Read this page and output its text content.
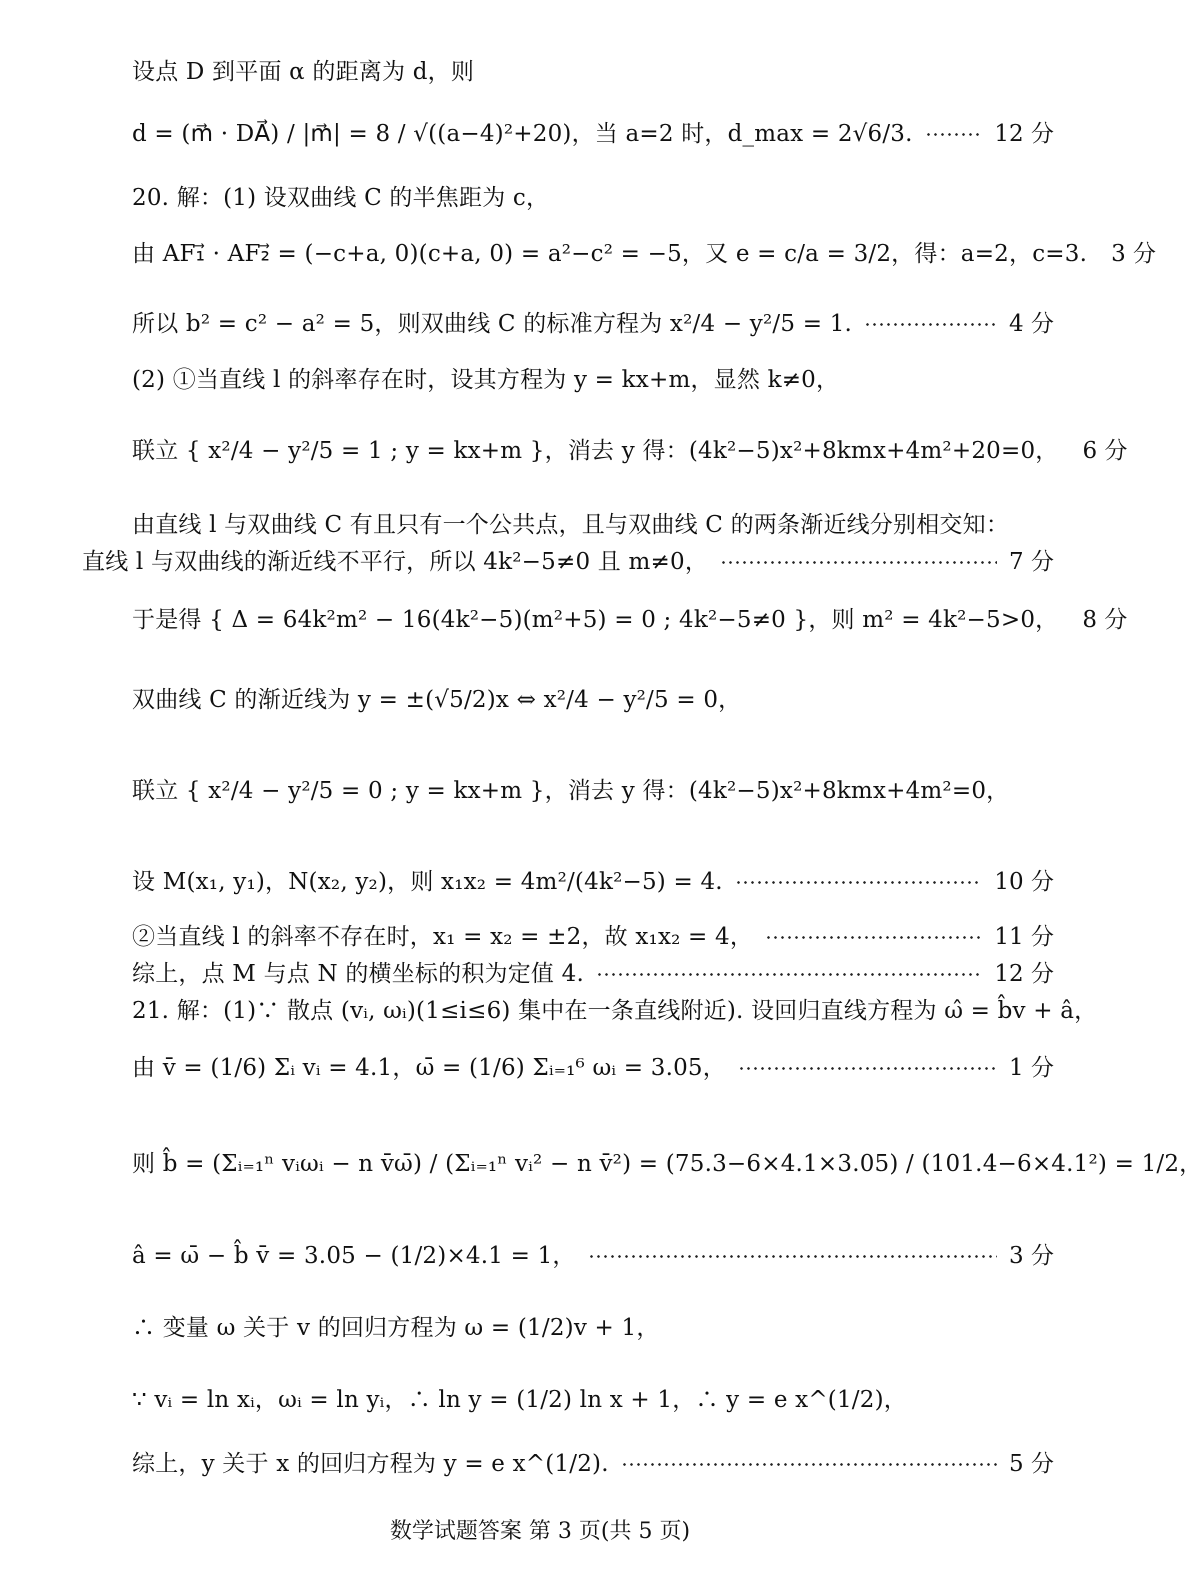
设点 D 到平面 α 的距离为 d，则
d = (m⃗ · DA⃗) / |m⃗| = 8 / √((a−4)²+20)，当 a=2 时，d_max = 2√6/3.	12 分
20. 解：(1) 设双曲线 C 的半焦距为 c，
由 AF₁⃗ · AF₂⃗ = (−c+a, 0)(c+a, 0) = a²−c² = −5，又 e = c/a = 3/2，得：a=2，c=3. 3 分
所以 b² = c² − a² = 5，则双曲线 C 的标准方程为 x²/4 − y²/5 = 1.	4 分
(2) ①当直线 l 的斜率存在时，设其方程为 y = kx+m，显然 k≠0，
联立 { x²/4 − y²/5 = 1 ; y = kx+m }，消去 y 得：(4k²−5)x²+8kmx+4m²+20=0， 6 分
由直线 l 与双曲线 C 有且只有一个公共点，且与双曲线 C 的两条渐近线分别相交知：
直线 l 与双曲线的渐近线不平行，所以 4k²−5≠0 且 m≠0，	7 分
于是得 { Δ = 64k²m² − 16(4k²−5)(m²+5) = 0 ; 4k²−5≠0 }，则 m² = 4k²−5>0， 8 分
双曲线 C 的渐近线为 y = ±(√5/2)x ⇔ x²/4 − y²/5 = 0，
联立 { x²/4 − y²/5 = 0 ; y = kx+m }，消去 y 得：(4k²−5)x²+8kmx+4m²=0，
设 M(x₁, y₁)，N(x₂, y₂)，则 x₁x₂ = 4m²/(4k²−5) = 4.	10 分
②当直线 l 的斜率不存在时，x₁ = x₂ = ±2，故 x₁x₂ = 4，	11 分
综上，点 M 与点 N 的横坐标的积为定值 4.	12 分
21. 解：(1)∵ 散点 (vᵢ, ωᵢ)(1≤i≤6) 集中在一条直线附近). 设回归直线方程为 ω̂ = b̂v + â，
由 v̄ = (1/6) Σᵢ vᵢ = 4.1，ω̄ = (1/6) Σᵢ₌₁⁶ ωᵢ = 3.05，	1 分
则 b̂ = (Σᵢ₌₁ⁿ vᵢωᵢ − n v̄ω̄) / (Σᵢ₌₁ⁿ vᵢ² − n v̄²) = (75.3−6×4.1×3.05) / (101.4−6×4.1²) = 1/2，
â = ω̄ − b̂ v̄ = 3.05 − (1/2)×4.1 = 1，	3 分
∴ 变量 ω 关于 v 的回归方程为 ω = (1/2)v + 1，
∵ vᵢ = ln xᵢ，ωᵢ = ln yᵢ，∴ ln y = (1/2) ln x + 1，∴ y = e x^(1/2)，
综上，y 关于 x 的回归方程为 y = e x^(1/2).	5 分
数学试题答案 第 3 页(共 5 页)
